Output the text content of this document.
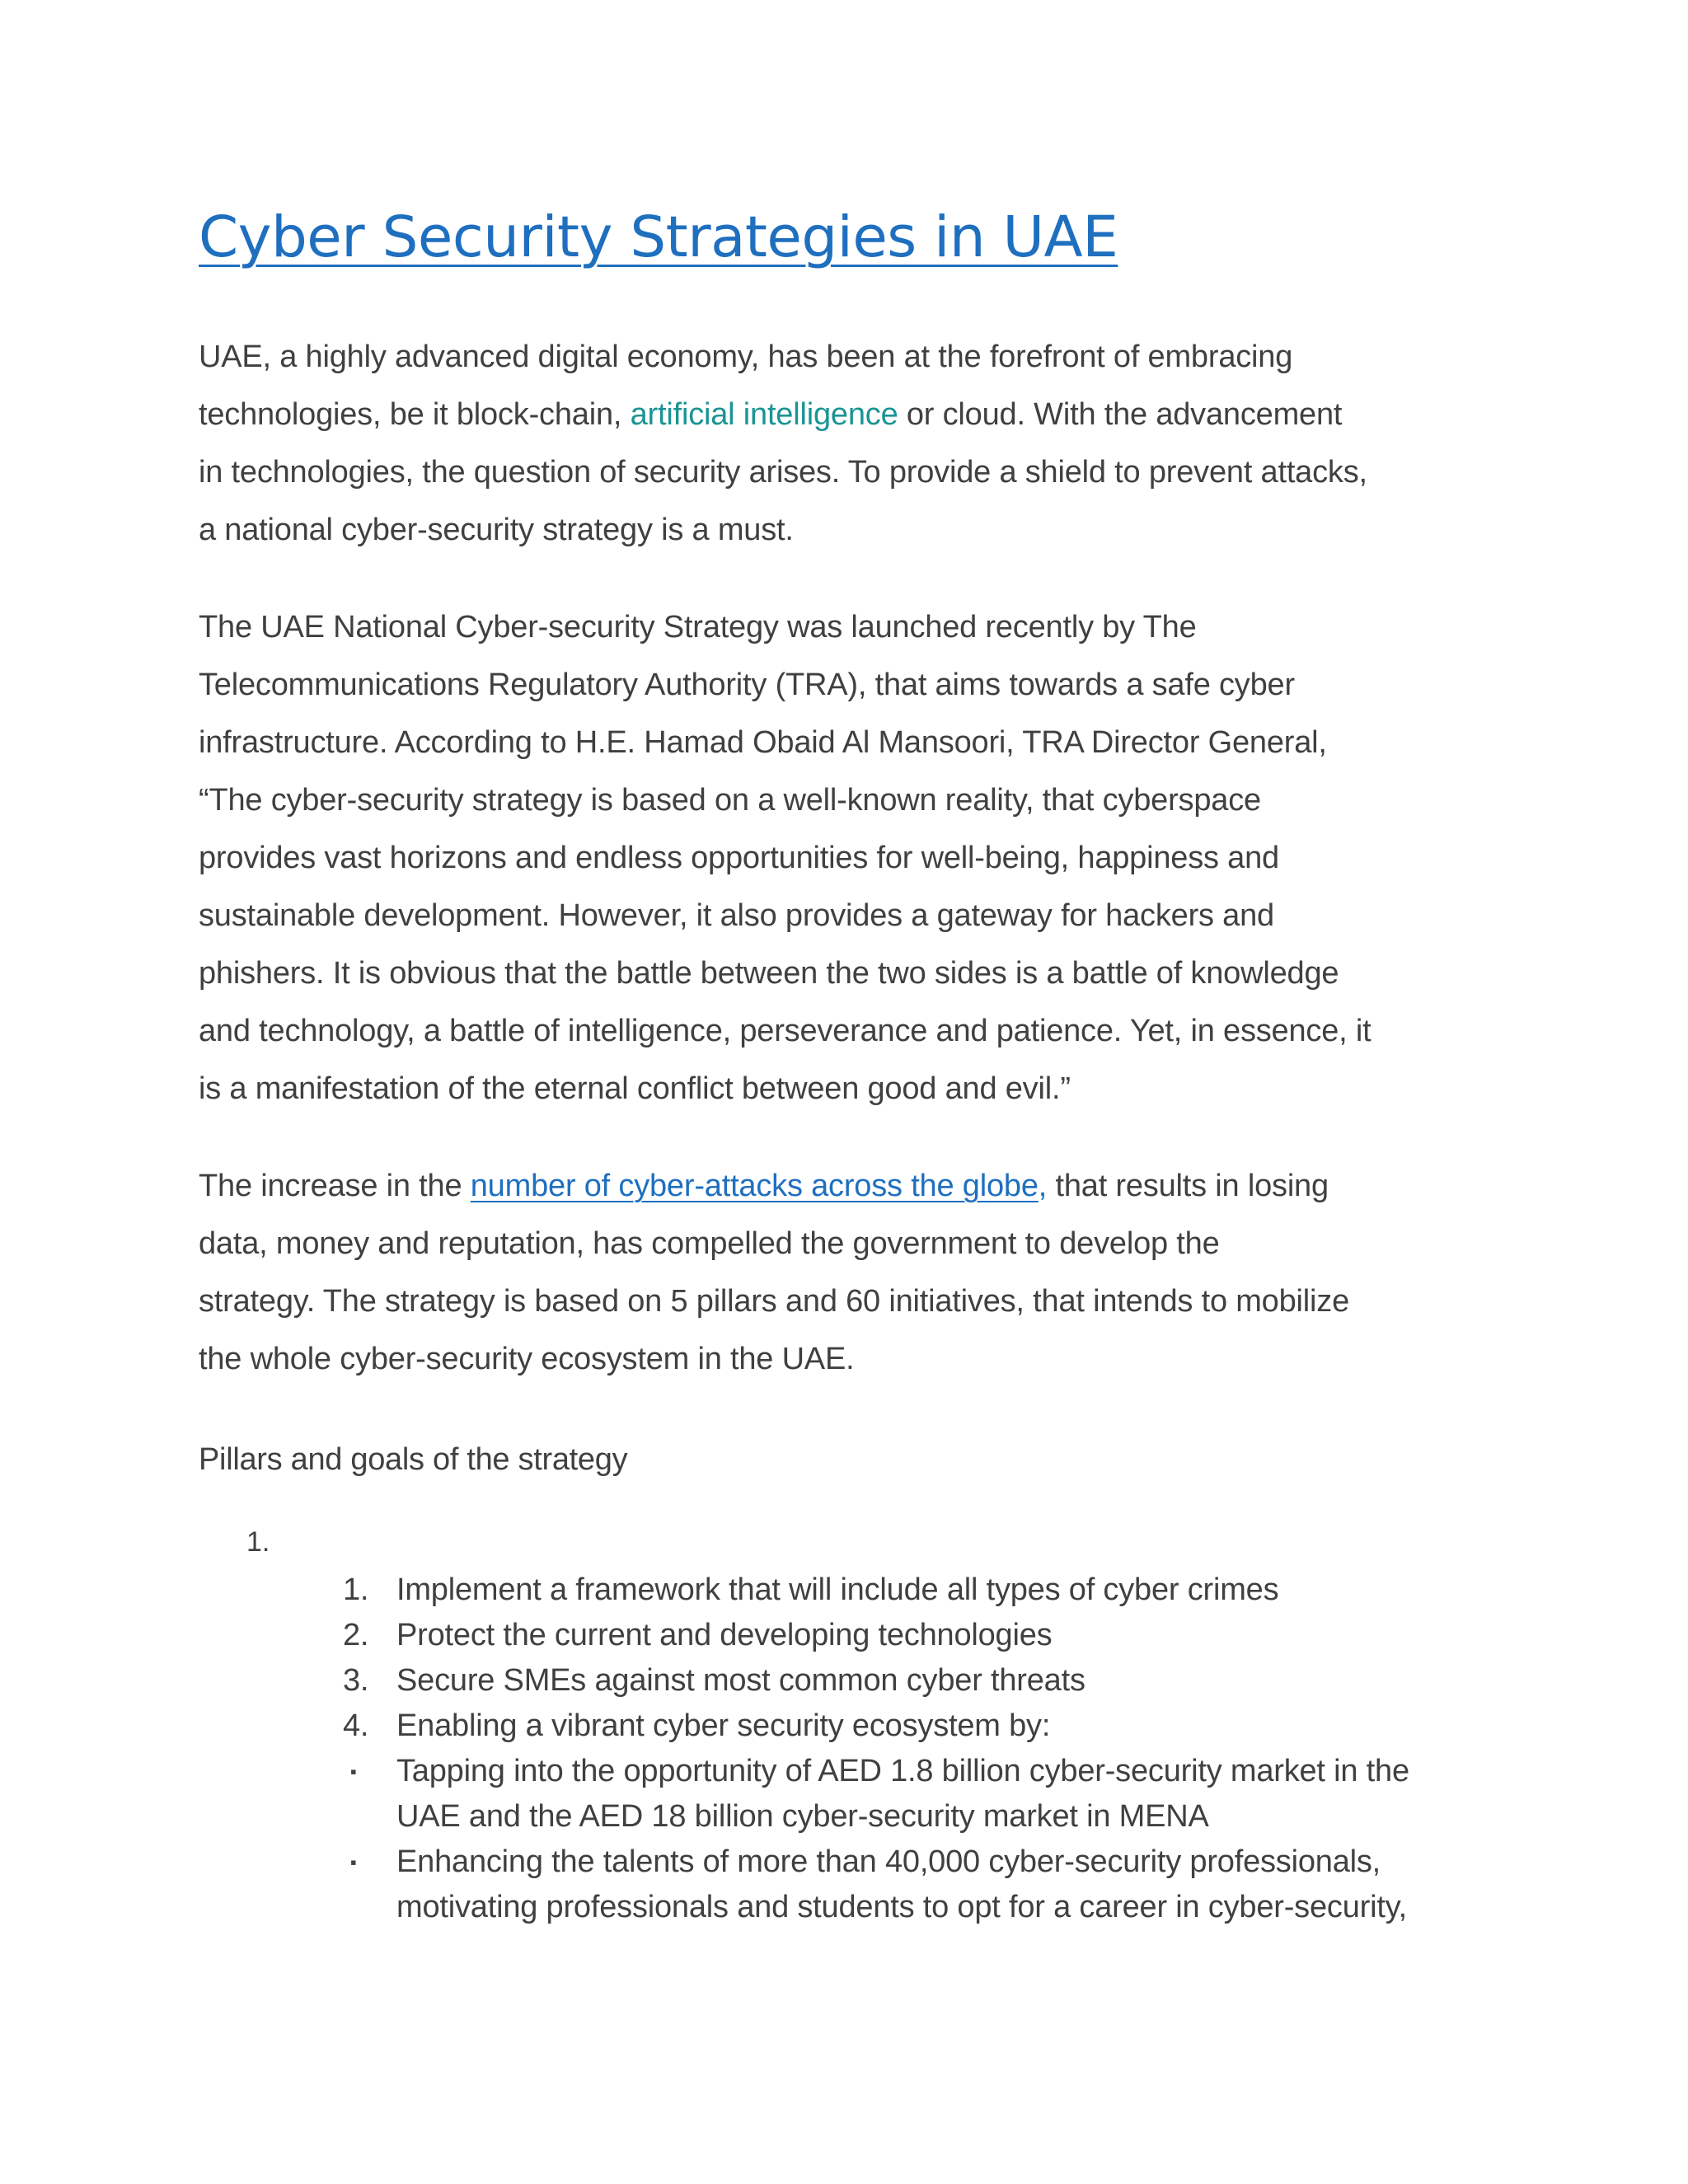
Cyber Security Strategies in UAE

UAE, a highly advanced digital economy, has been at the forefront of embracing
technologies, be it block-chain, artificial intelligence or cloud. With the advancement
in technologies, the question of security arises. To provide a shield to prevent attacks,
a national cyber-security strategy is a must.

The UAE National Cyber-security Strategy was launched recently by The
Telecommunications Regulatory Authority (TRA), that aims towards a safe cyber
infrastructure. According to H.E. Hamad Obaid Al Mansoori, TRA Director General,
“The cyber-security strategy is based on a well-known reality, that cyberspace
provides vast horizons and endless opportunities for well-being, happiness and
sustainable development. However, it also provides a gateway for hackers and
phishers. It is obvious that the battle between the two sides is a battle of knowledge
and technology, a battle of intelligence, perseverance and patience. Yet, in essence, it
is a manifestation of the eternal conflict between good and evil.”

The increase in the number of cyber-attacks across the globe, that results in losing
data, money and reputation, has compelled the government to develop the
strategy. The strategy is based on 5 pillars and 60 initiatives, that intends to mobilize
the whole cyber-security ecosystem in the UAE.

Pillars and goals of the strategy
1.
1. Implement a framework that will include all types of cyber crimes
2. Protect the current and developing technologies
3. Secure SMEs against most common cyber threats
4. Enabling a vibrant cyber security ecosystem by:
▪ Tapping into the opportunity of AED 1.8 billion cyber-security market in the
UAE and the AED 18 billion cyber-security market in MENA
▪ Enhancing the talents of more than 40,000 cyber-security professionals,
motivating professionals and students to opt for a career in cyber-security,
